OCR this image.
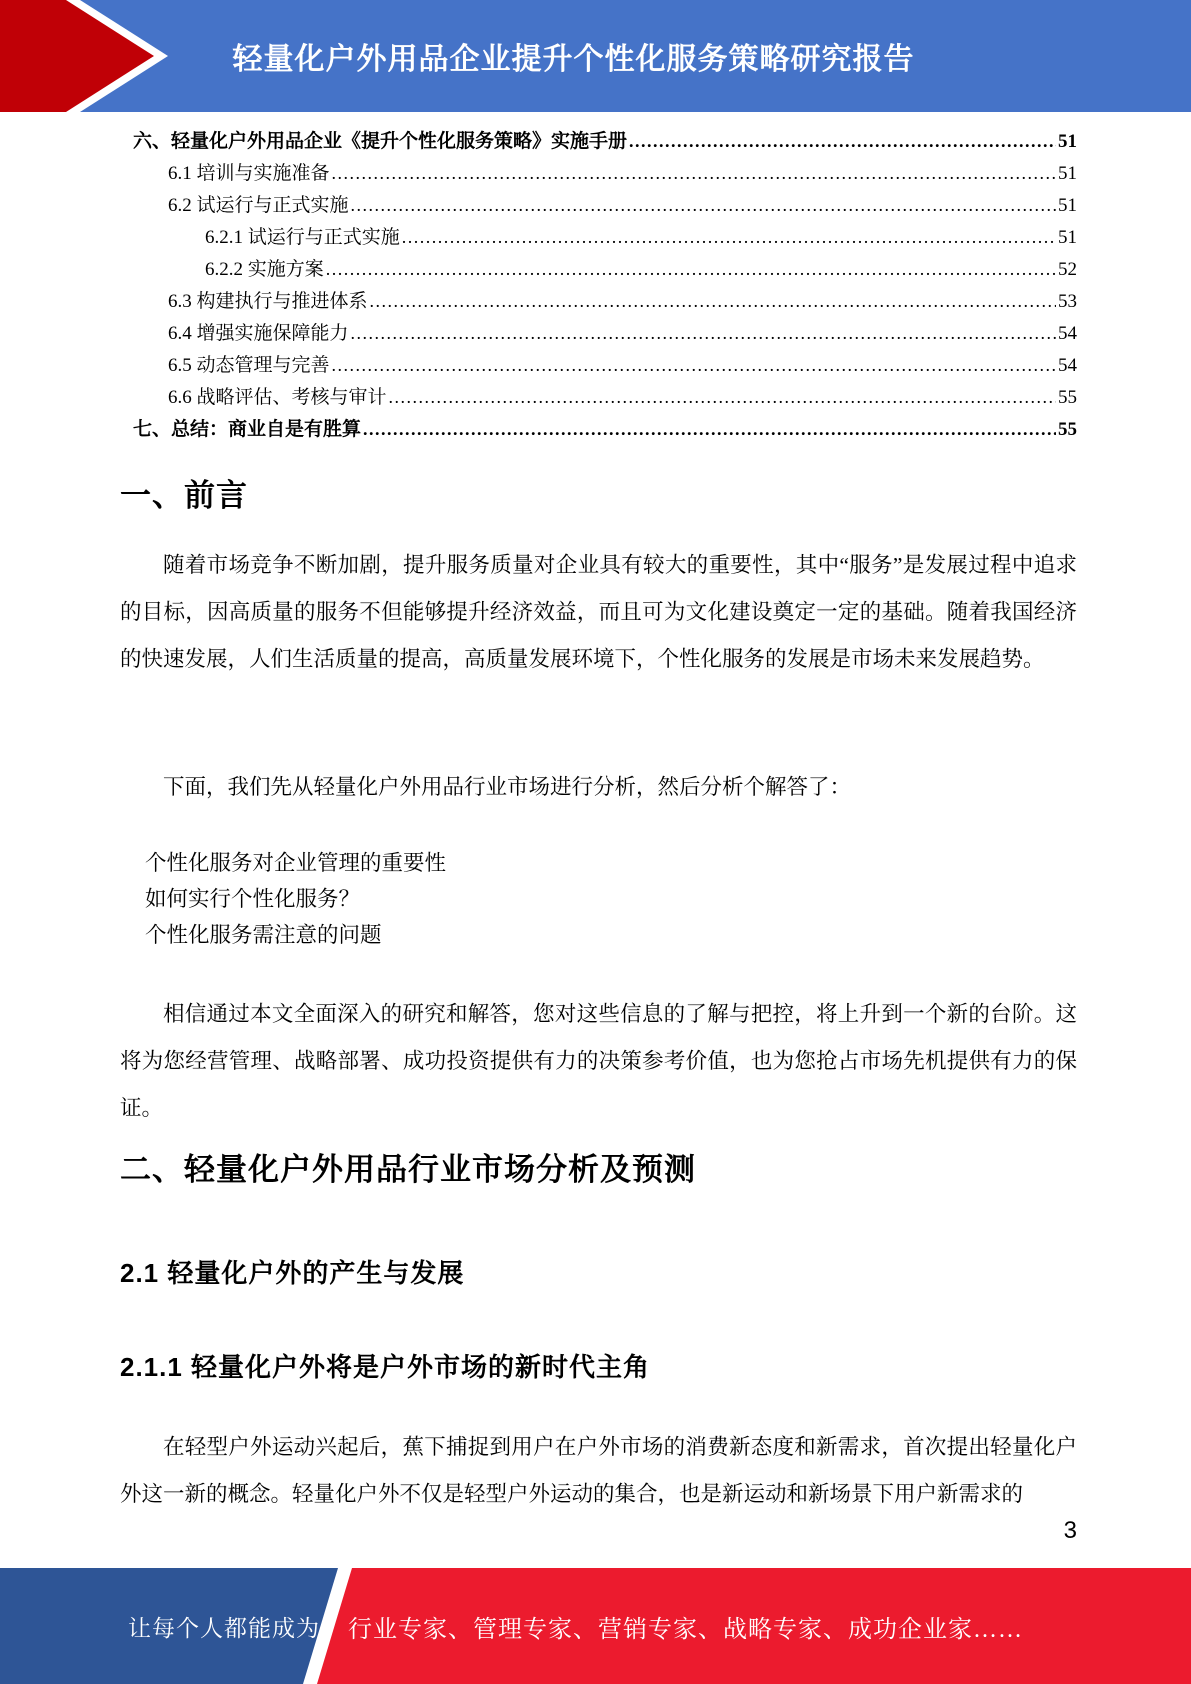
轻量化户外用品企业提升个性化服务策略研究报告
六、轻量化户外用品企业《提升个性化服务策略》实施手册 .....	51
6.1 培训与实施准备 .....	51
6.2 试运行与正式实施 .....	51
6.2.1 试运行与正式实施 .....	51
6.2.2 实施方案 .....	52
6.3 构建执行与推进体系 .....	53
6.4 增强实施保障能力 .....	54
6.5 动态管理与完善 .....	54
6.6 战略评估、考核与审计 .....	55
七、总结：商业自是有胜算 .....	55
一、前言

随着市场竞争不断加剧，提升服务质量对企业具有较大的重要性，其中“服务”是发展过程中追求的目标，因高质量的服务不但能够提升经济效益，而且可为文化建设奠定一定的基础。随着我国经济的快速发展，人们生活质量的提高，高质量发展环境下，个性化服务的发展是市场未来发展趋势。

下面，我们先从轻量化户外用品行业市场进行分析，然后分析个解答了：

个性化服务对企业管理的重要性
如何实行个性化服务？
个性化服务需注意的问题

相信通过本文全面深入的研究和解答，您对这些信息的了解与把控，将上升到一个新的台阶。这将为您经营管理、战略部署、成功投资提供有力的决策参考价值，也为您抢占市场先机提供有力的保证。

二、轻量化户外用品行业市场分析及预测
2.1 轻量化户外的产生与发展
2.1.1 轻量化户外将是户外市场的新时代主角

在轻型户外运动兴起后，蕉下捕捉到用户在户外市场的消费新态度和新需求，首次提出轻量化户外这一新的概念。轻量化户外不仅是轻型户外运动的集合，也是新运动和新场景下用户新需求的

3
让每个人都能成为 行业专家、管理专家、营销专家、战略专家、成功企业家……
